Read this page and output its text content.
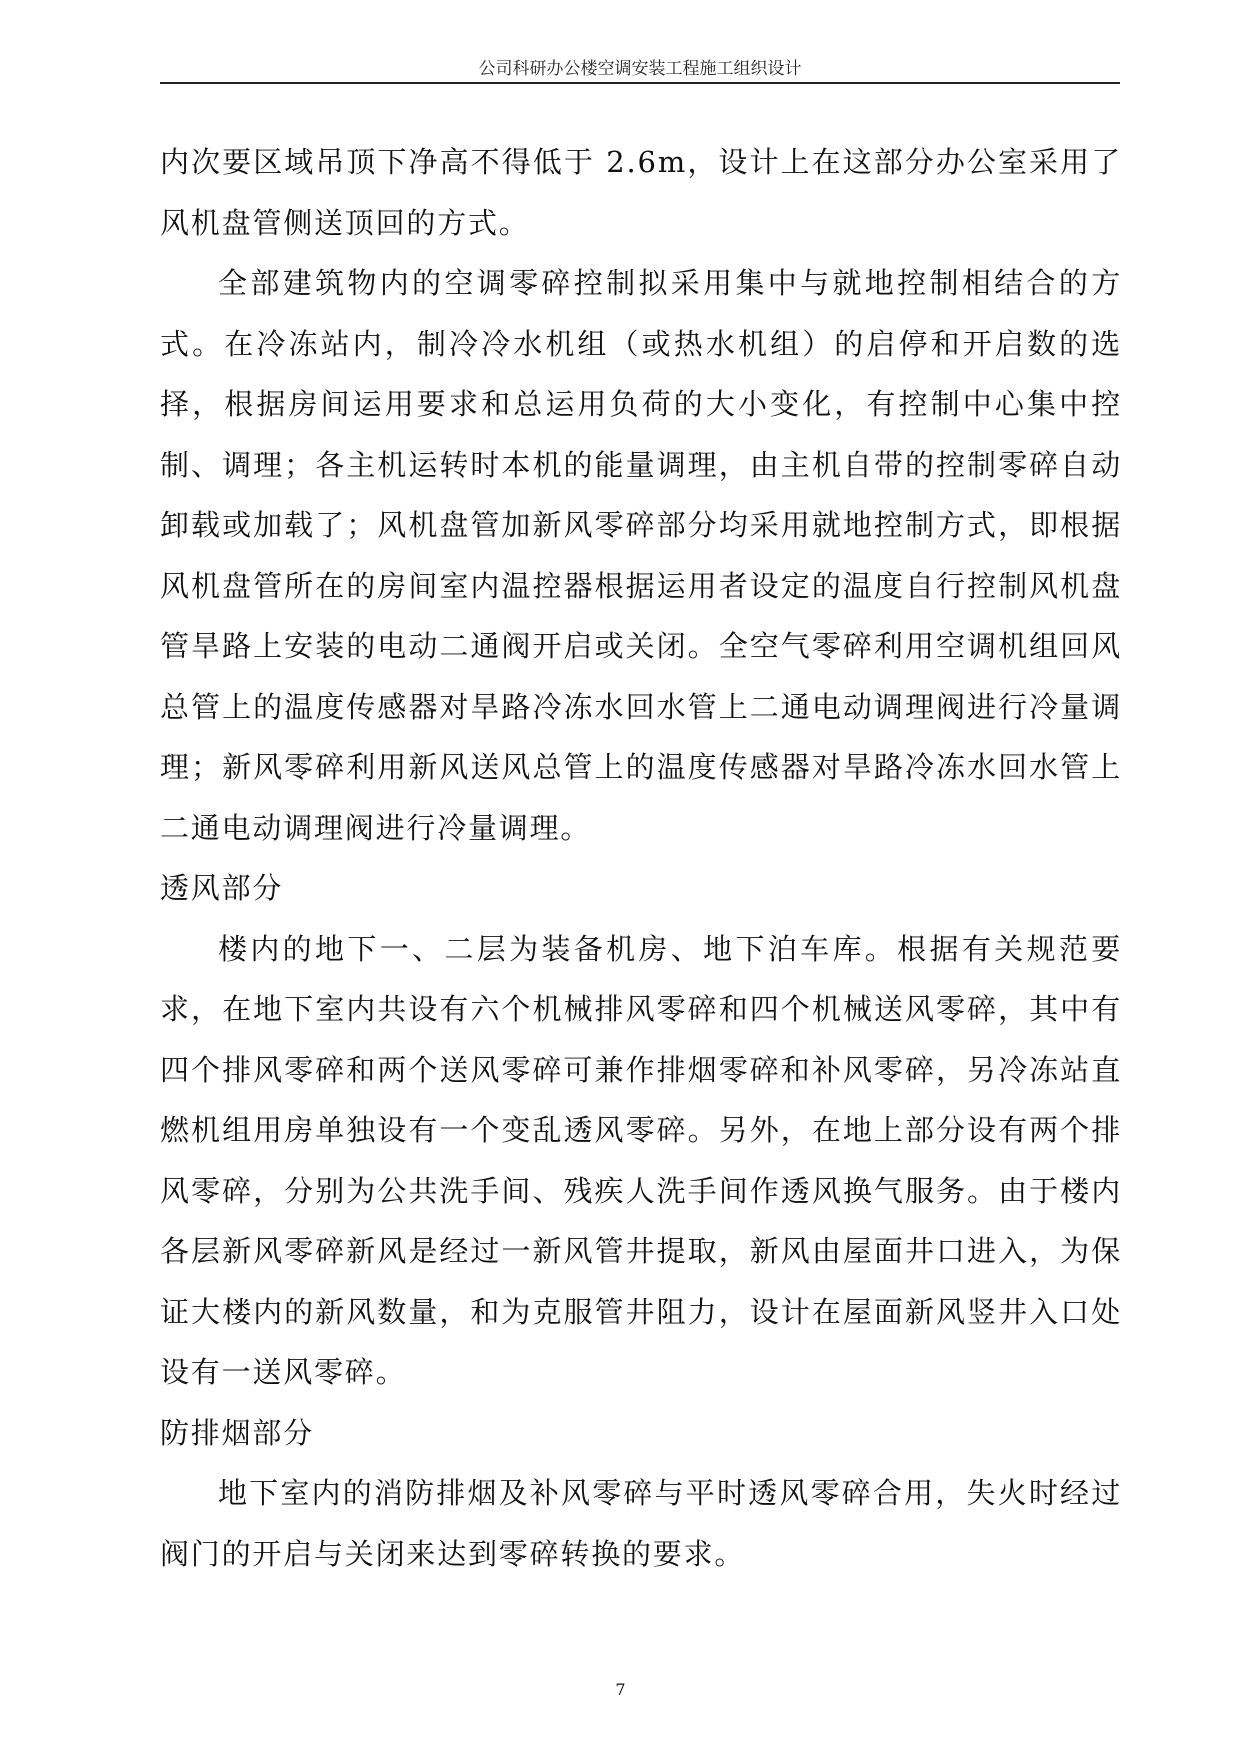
公司科研办公楼空调安装工程施工组织设计

内次要区域吊顶下净高不得低于 2.6m，设计上在这部分办公室采用了风机盘管侧送顶回的方式。

全部建筑物内的空调零碎控制拟采用集中与就地控制相结合的方式。在冷冻站内，制冷冷水机组（或热水机组）的启停和开启数的选择，根据房间运用要求和总运用负荷的大小变化，有控制中心集中控制、调理；各主机运转时本机的能量调理，由主机自带的控制零碎自动卸载或加载了；风机盘管加新风零碎部分均采用就地控制方式，即根据风机盘管所在的房间室内温控器根据运用者设定的温度自行控制风机盘管旱路上安装的电动二通阀开启或关闭。全空气零碎利用空调机组回风总管上的温度传感器对旱路冷冻水回水管上二通电动调理阀进行冷量调理；新风零碎利用新风送风总管上的温度传感器对旱路冷冻水回水管上二通电动调理阀进行冷量调理。

透风部分

楼内的地下一、二层为装备机房、地下泊车库。根据有关规范要求，在地下室内共设有六个机械排风零碎和四个机械送风零碎，其中有四个排风零碎和两个送风零碎可兼作排烟零碎和补风零碎，另冷冻站直燃机组用房单独设有一个变乱透风零碎。另外，在地上部分设有两个排风零碎，分别为公共洗手间、残疾人洗手间作透风换气服务。由于楼内各层新风零碎新风是经过一新风管井提取，新风由屋面井口进入，为保证大楼内的新风数量，和为克服管井阻力，设计在屋面新风竖井入口处设有一送风零碎。

防排烟部分

地下室内的消防排烟及补风零碎与平时透风零碎合用，失火时经过阀门的开启与关闭来达到零碎转换的要求。

7
